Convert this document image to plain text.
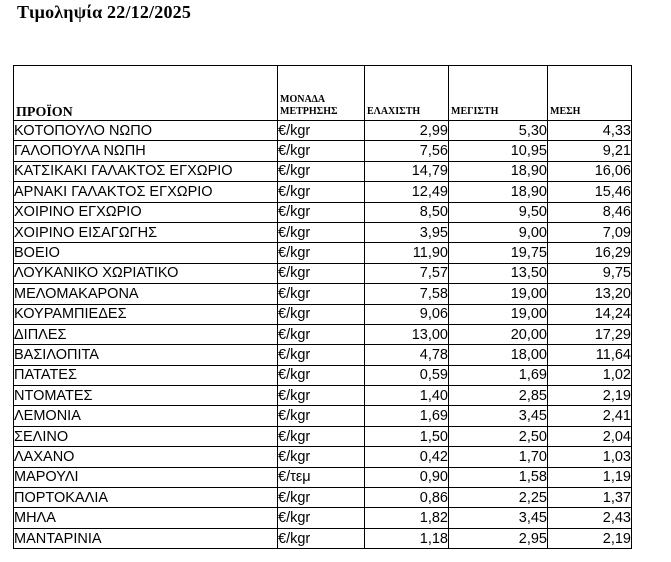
Τιμοληψία 22/12/2025
ΠΡΟΪΟΝ	ΜΟΝΑΔΑ
ΜΕΤΡΗΣΗΣ	ΕΛΑΧΙΣΤΗ	ΜΕΓΙΣΤΗ	ΜΕΣΗ
ΚΟΤΟΠΟΥΛΟ ΝΩΠΟ	€/kgr	2,99	5,30	4,33
ΓΑΛΟΠΟΥΛΑ ΝΩΠΗ	€/kgr	7,56	10,95	9,21
ΚΑΤΣΙΚΑΚΙ ΓΑΛΑΚΤΟΣ ΕΓΧΩΡΙΟ	€/kgr	14,79	18,90	16,06
ΑΡΝΑΚΙ ΓΑΛΑΚΤΟΣ ΕΓΧΩΡΙΟ	€/kgr	12,49	18,90	15,46
ΧΟΙΡΙΝΟ ΕΓΧΩΡΙΟ	€/kgr	8,50	9,50	8,46
ΧΟΙΡΙΝΟ ΕΙΣΑΓΩΓΗΣ	€/kgr	3,95	9,00	7,09
ΒΟΕΙΟ	€/kgr	11,90	19,75	16,29
ΛΟΥΚΑΝΙΚΟ ΧΩΡΙΑΤΙΚΟ	€/kgr	7,57	13,50	9,75
ΜΕΛΟΜΑΚΑΡΟΝΑ	€/kgr	7,58	19,00	13,20
ΚΟΥΡΑΜΠΙΕΔΕΣ	€/kgr	9,06	19,00	14,24
ΔΙΠΛΕΣ	€/kgr	13,00	20,00	17,29
ΒΑΣΙΛΟΠΙΤΑ	€/kgr	4,78	18,00	11,64
ΠΑΤΑΤΕΣ	€/kgr	0,59	1,69	1,02
ΝΤΟΜΑΤΕΣ	€/kgr	1,40	2,85	2,19
ΛΕΜΟΝΙΑ	€/kgr	1,69	3,45	2,41
ΣΕΛΙΝΟ	€/kgr	1,50	2,50	2,04
ΛΑΧΑΝΟ	€/kgr	0,42	1,70	1,03
ΜΑΡΟΥΛΙ	€/τεμ	0,90	1,58	1,19
ΠΟΡΤΟΚΑΛΙΑ	€/kgr	0,86	2,25	1,37
ΜΗΛΑ	€/kgr	1,82	3,45	2,43
ΜΑΝΤΑΡΙΝΙΑ	€/kgr	1,18	2,95	2,19
